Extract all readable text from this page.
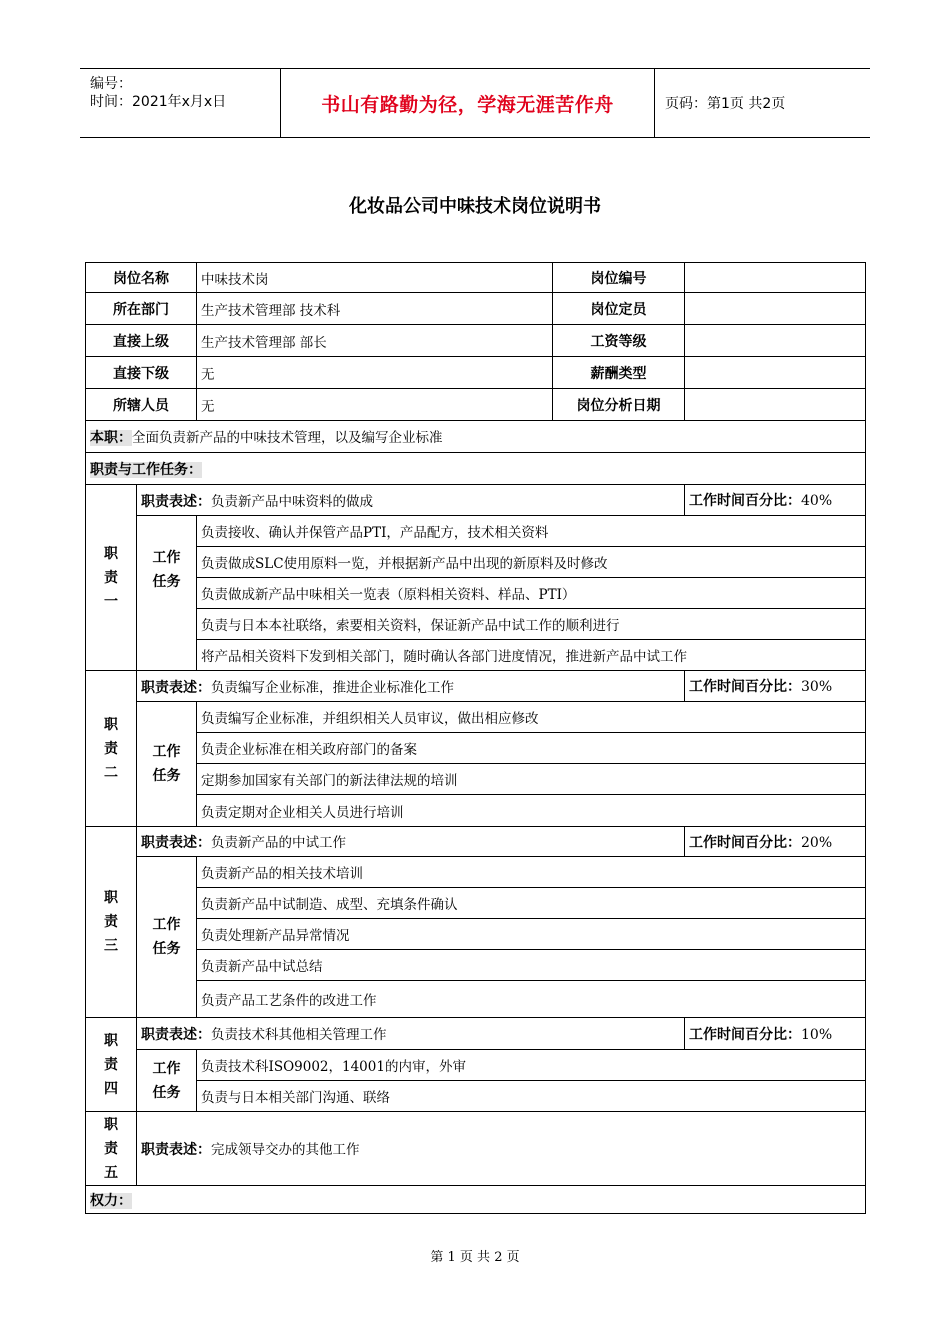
编号：
时间：2021年x月x日	书山有路勤为径，学海无涯苦作舟	页码：第1页 共2页
化妆品公司中味技术岗位说明书
岗位名称		中味技术岗	岗位编号	
所在部门		生产技术管理部 技术科	岗位定员	
直接上级		生产技术管理部 部长	工资等级	
直接下级		无	薪酬类型	
所辖人员		无	岗位分析日期	
本职：全面负责新产品的中味技术管理，以及编写企业标准				
职责与工作任务：				

职
责
一	职责表述：负责新产品中味资料的做成			工作时间百分比：40%
	工作
任务	负责接收、确认并保管产品PTI，产品配方，技术相关资料		
		负责做成SLC使用原料一览，并根据新产品中出现的新原料及时修改		
		负责做成新产品中味相关一览表（原料相关资料、样品、PTI）		
		负责与日本本社联络，索要相关资料，保证新产品中试工作的顺利进行		
		将产品相关资料下发到相关部门，随时确认各部门进度情况，推进新产品中试工作		

职
责
二	职责表述：负责编写企业标准，推进企业标准化工作			工作时间百分比：30%
	工作
任务	负责编写企业标准，并组织相关人员审议，做出相应修改		
		负责企业标准在相关政府部门的备案		
		定期参加国家有关部门的新法律法规的培训		
		负责定期对企业相关人员进行培训		

职
责
三	职责表述：负责新产品的中试工作			工作时间百分比：20%
	工作
任务	负责新产品的相关技术培训		
		负责新产品中试制造、成型、充填条件确认		
		负责处理新产品异常情况		
		负责新产品中试总结		
		负责产品工艺条件的改进工作		

职
责
四	职责表述：负责技术科其他相关管理工作			工作时间百分比：10%
	工作
任务	负责技术科ISO9002，14001的内审，外审		
		负责与日本相关部门沟通、联络		

职
责
五	职责表述：完成领导交办的其他工作			
权力：				
第 1 页 共 2 页
